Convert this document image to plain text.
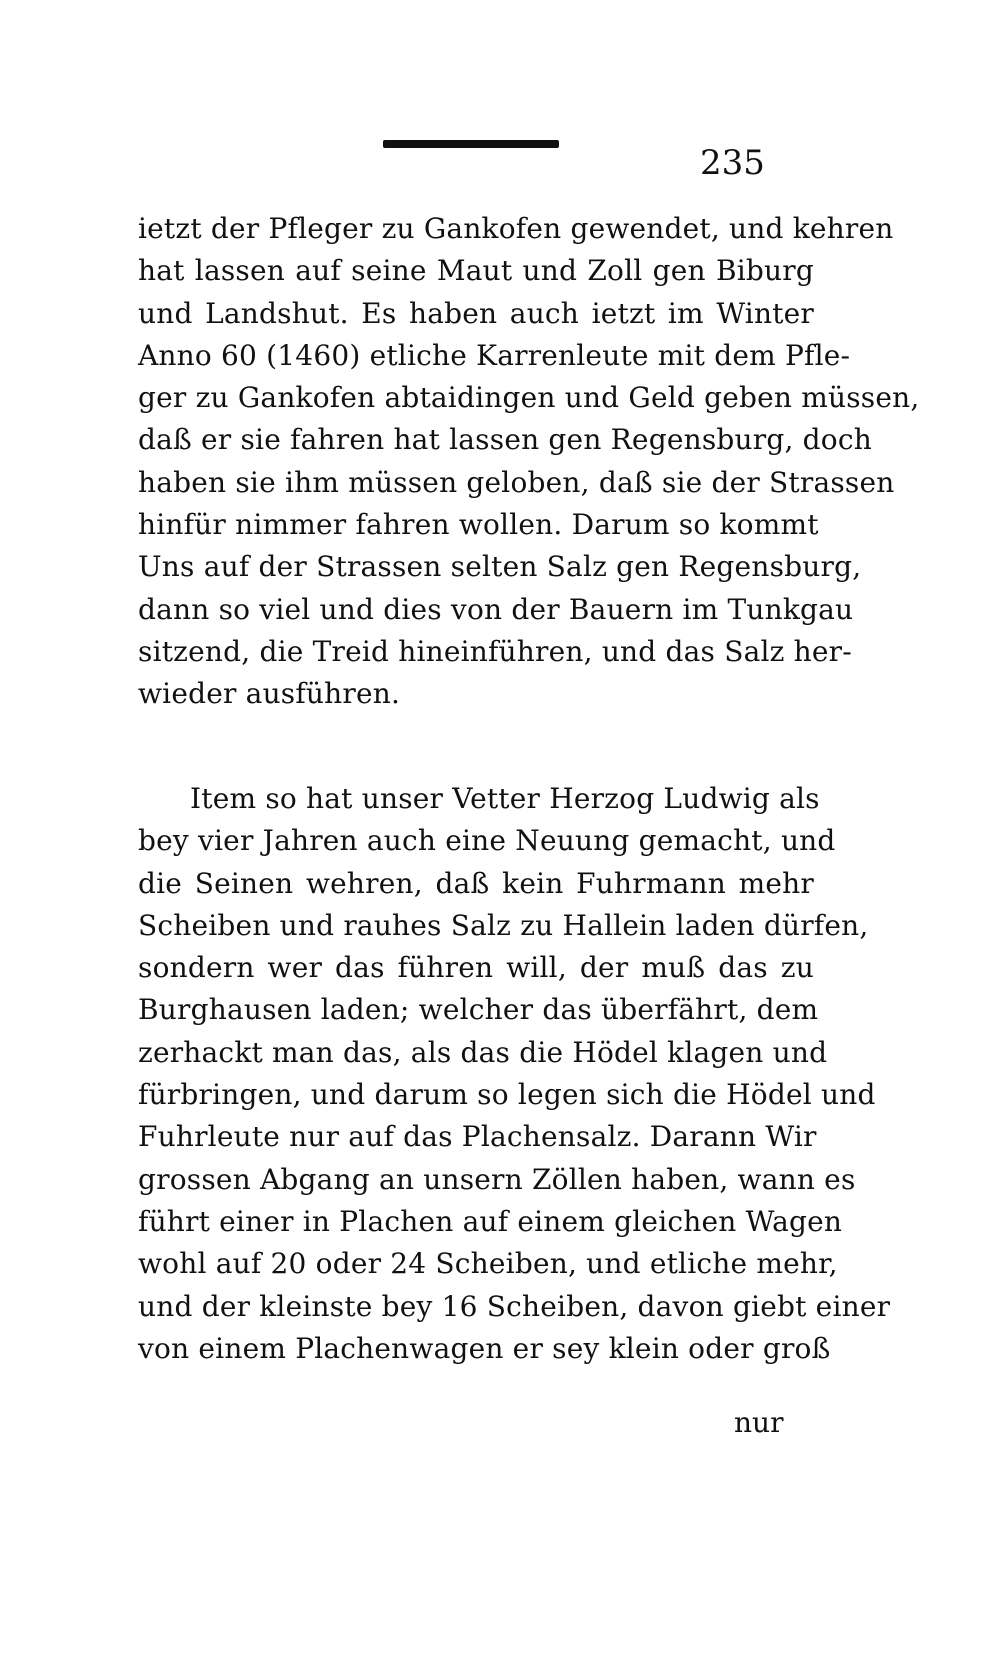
235
ietzt der Pfleger zu Gankofen gewendet, und kehren
hat lassen auf seine Maut und Zoll gen Biburg
und Landshut. Es haben auch ietzt im Winter
Anno 60 (1460) etliche Karrenleute mit dem Pfle-
ger zu Gankofen abtaidingen und Geld geben müssen,
daß er sie fahren hat lassen gen Regensburg, doch
haben sie ihm müssen geloben, daß sie der Strassen
hinfür nimmer fahren wollen. Darum so kommt
Uns auf der Strassen selten Salz gen Regensburg,
dann so viel und dies von der Bauern im Tunkgau
sitzend, die Treid hineinführen, und das Salz her-
wieder ausführen.
Item so hat unser Vetter Herzog Ludwig als
bey vier Jahren auch eine Neuung gemacht, und
die Seinen wehren, daß kein Fuhrmann mehr
Scheiben und rauhes Salz zu Hallein laden dürfen,
sondern wer das führen will, der muß das zu
Burghausen laden; welcher das überfährt, dem
zerhackt man das, als das die Hödel klagen und
fürbringen, und darum so legen sich die Hödel und
Fuhrleute nur auf das Plachensalz. Darann Wir
grossen Abgang an unsern Zöllen haben, wann es
führt einer in Plachen auf einem gleichen Wagen
wohl auf 20 oder 24 Scheiben, und etliche mehr,
und der kleinste bey 16 Scheiben, davon giebt einer
von einem Plachenwagen er sey klein oder groß
nur
